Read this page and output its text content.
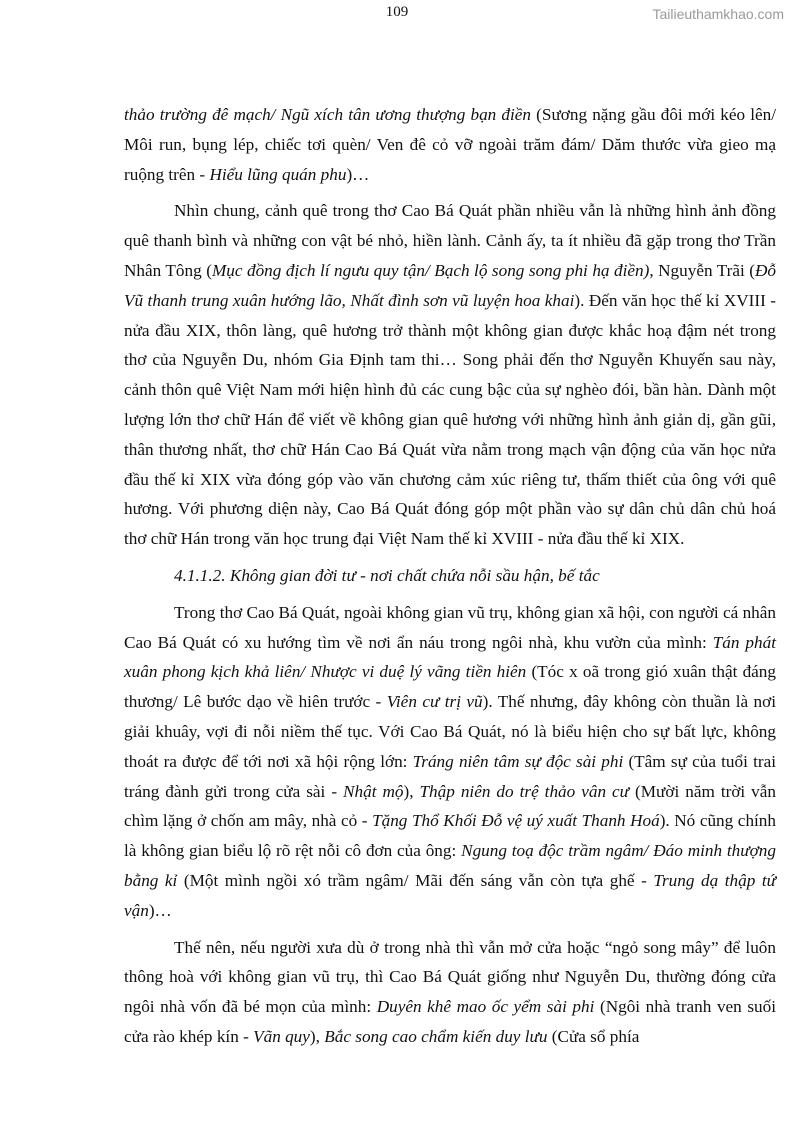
109	Tailieuthamkhao.com

thảo trường đê mạch/ Ngũ xích tân ương thượng bạn điền (Sương nặng gầu đôi mới kéo lên/ Môi run, bụng lép, chiếc tơi quèn/ Ven đê cỏ vỡ ngoài trăm đám/ Dăm thước vừa gieo mạ ruộng trên - Hiểu lũng quán phu)…

Nhìn chung, cảnh quê trong thơ Cao Bá Quát phần nhiều vẫn là những hình ảnh đồng quê thanh bình và những con vật bé nhỏ, hiền lành. Cảnh ấy, ta ít nhiều đã gặp trong thơ Trần Nhân Tông (Mục đồng địch lí ngưu quy tận/ Bạch lộ song song phi hạ điền), Nguyễn Trãi (Đỗ Vũ thanh trung xuân hướng lão, Nhất đình sơn vũ luyện hoa khai). Đến văn học thế kỉ XVIII - nửa đầu XIX, thôn làng, quê hương trở thành một không gian được khắc hoạ đậm nét trong thơ của Nguyễn Du, nhóm Gia Định tam thi… Song phải đến thơ Nguyễn Khuyến sau này, cảnh thôn quê Việt Nam mới hiện hình đủ các cung bậc của sự nghèo đói, bần hàn. Dành một lượng lớn thơ chữ Hán để viết về không gian quê hương với những hình ảnh giản dị, gần gũi, thân thương nhất, thơ chữ Hán Cao Bá Quát vừa nằm trong mạch vận động của văn học nửa đầu thế kỉ XIX vừa đóng góp vào văn chương cảm xúc riêng tư, thấm thiết của ông với quê hương. Với phương diện này, Cao Bá Quát đóng góp một phần vào sự dân chủ dân chủ hoá thơ chữ Hán trong văn học trung đại Việt Nam thế kỉ XVIII - nửa đầu thế kỉ XIX.

4.1.1.2. Không gian đời tư - nơi chất chứa nỗi sầu hận, bế tắc

Trong thơ Cao Bá Quát, ngoài không gian vũ trụ, không gian xã hội, con người cá nhân Cao Bá Quát có xu hướng tìm về nơi ẩn náu trong ngôi nhà, khu vườn của mình: Tán phát xuân phong kịch khả liên/ Nhược vi duệ lý vãng tiền hiên (Tóc x oã trong gió xuân thật đáng thương/ Lê bước dạo về hiên trước - Viên cư trị vũ). Thế nhưng, đây không còn thuần là nơi giải khuây, vợi đi nỗi niềm thế tục. Với Cao Bá Quát, nó là biểu hiện cho sự bất lực, không thoát ra được để tới nơi xã hội rộng lớn: Tráng niên tâm sự độc sài phi (Tâm sự của tuổi trai tráng đành gửi trong cửa sài - Nhật mộ), Thập niên do trệ thảo vân cư (Mười năm trời vẫn chìm lặng ở chốn am mây, nhà cỏ - Tặng Thổ Khối Đỗ vệ uý xuất Thanh Hoá). Nó cũng chính là không gian biểu lộ rõ rệt nỗi cô đơn của ông: Ngung toạ độc trầm ngâm/ Đáo minh thượng bằng kỉ (Một mình ngồi xó trầm ngâm/ Mãi đến sáng vẫn còn tựa ghế - Trung dạ thập tứ vận)…

Thế nên, nếu người xưa dù ở trong nhà thì vẫn mở cửa hoặc “ngỏ song mây” để luôn thông hoà với không gian vũ trụ, thì Cao Bá Quát giống như Nguyễn Du, thường đóng cửa ngôi nhà vốn đã bé mọn của mình: Duyên khê mao ốc yểm sài phi (Ngôi nhà tranh ven suối cửa rào khép kín - Vãn quy), Bắc song cao chẩm kiến duy lưu (Cửa sổ phía
